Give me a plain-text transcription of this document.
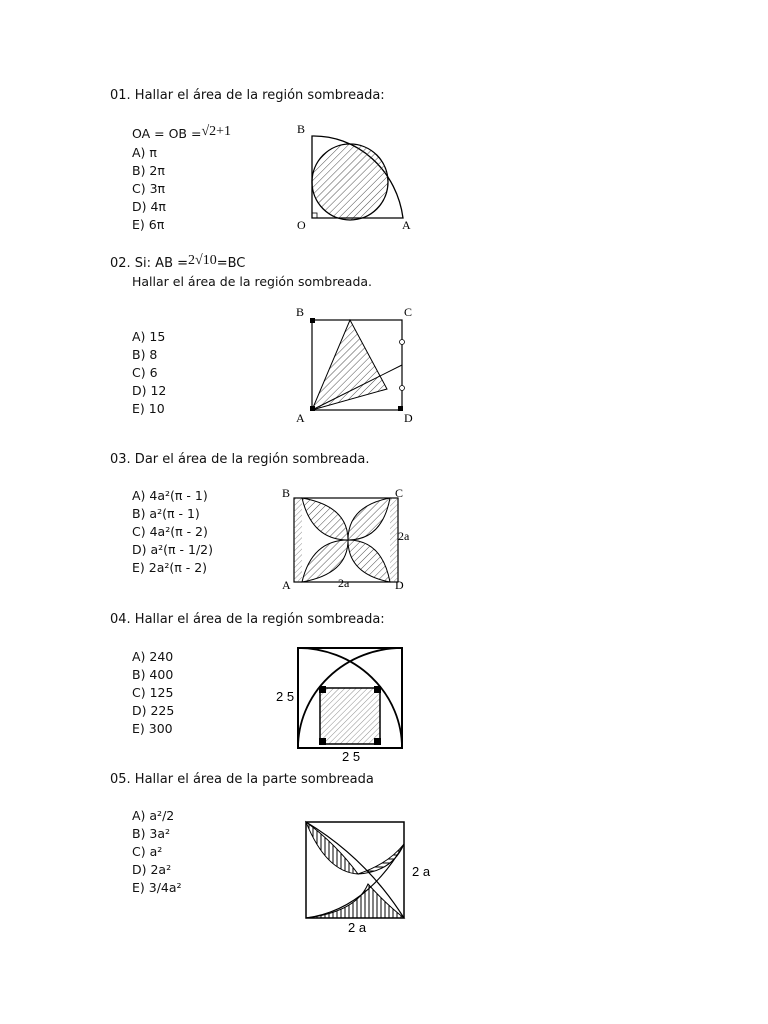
01. Hallar el área de la región sombreada:
OA = OB =√2+1
A) π
B) 2π
C) 3π
D) 4π
E) 6π
B
O	A
02. Si: AB =2√10=BC
Hallar el área de la región sombreada.
A) 15
B) 8
C) 6
D) 12
E) 10
B	C
A	D
03. Dar el área de la región sombreada.
A) 4a²(π - 1)
B) a²(π - 1)
C) 4a²(π - 2)
D) a²(π - 1/2)
E) 2a²(π - 2)
B	C
A	D
2a
2a
04. Hallar el área de la región sombreada:
A) 240
B) 400
C) 125
D) 225
E) 300
2 5
2 5
05. Hallar el área de la parte sombreada
A) a²/2
B) 3a²
C) a²
D) 2a²
E) 3/4a²
2 a
2 a
